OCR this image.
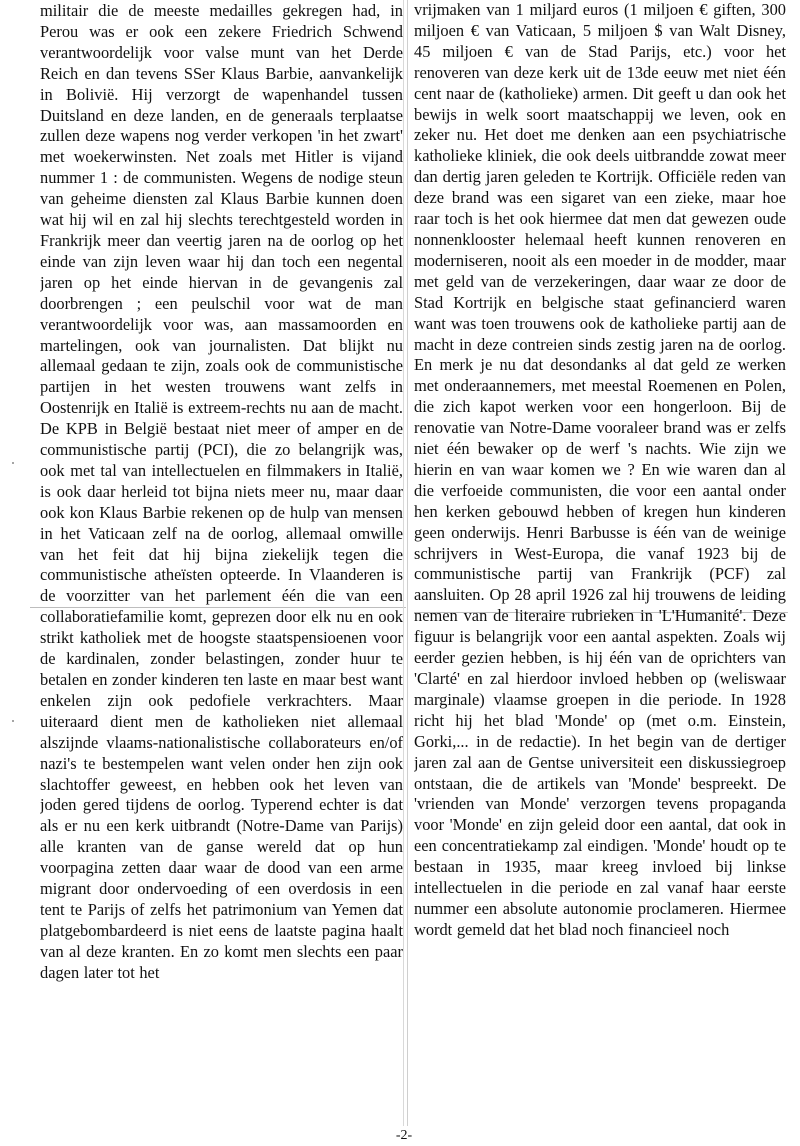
militair die de meeste medailles gekregen had, in Perou was er ook een zekere Friedrich Schwend verantwoordelijk voor valse munt van het Derde Reich en dan tevens SSer Klaus Barbie, aanvankelijk in Bolivië. Hij verzorgt de wapenhandel tussen Duitsland en deze landen, en de generaals terplaatse zullen deze wapens nog verder verkopen 'in het zwart' met woekerwinsten. Net zoals met Hitler is vijand nummer 1 : de communisten. Wegens de nodige steun van geheime diensten zal Klaus Barbie kunnen doen wat hij wil en zal hij slechts terechtgesteld worden in Frankrijk meer dan veertig jaren na de oorlog op het einde van zijn leven waar hij dan toch een negental jaren op het einde hiervan in de gevangenis zal doorbrengen ; een peulschil voor wat de man verantwoordelijk voor was, aan massamoorden en martelingen, ook van journalisten. Dat blijkt nu allemaal gedaan te zijn, zoals ook de communistische partijen in het westen trouwens want zelfs in Oostenrijk en Italië is extreem-rechts nu aan de macht. De KPB in België bestaat niet meer of amper en de communistische partij (PCI), die zo belangrijk was, ook met tal van intellectuelen en filmmakers in Italië, is ook daar herleid tot bijna niets meer nu, maar daar ook kon Klaus Barbie rekenen op de hulp van mensen in het Vaticaan zelf na de oorlog, allemaal omwille van het feit dat hij bijna ziekelijk tegen die communistische atheïsten opteerde. In Vlaanderen is de voorzitter van het parlement één die van een collaboratiefamilie komt, geprezen door elk nu en ook strikt katholiek met de hoogste staatspensioenen voor de kardinalen, zonder belastingen, zonder huur te betalen en zonder kinderen ten laste en maar best want enkelen zijn ook pedofiele verkrachters. Maar uiteraard dient men de katholieken niet allemaal alszijnde vlaams-nationalistische collaborateurs en/of nazi's te bestempelen want velen onder hen zijn ook slachtoffer geweest, en hebben ook het leven van joden gered tijdens de oorlog. Typerend echter is dat als er nu een kerk uitbrandt (Notre-Dame van Parijs) alle kranten van de ganse wereld dat op hun voorpagina zetten daar waar de dood van een arme migrant door ondervoeding of een overdosis in een tent te Parijs of zelfs het patrimonium van Yemen dat platgebombardeerd is niet eens de laatste pagina haalt van al deze kranten. En zo komt men slechts een paar dagen later tot het

vrijmaken van 1 miljard euros (1 miljoen € giften, 300 miljoen € van Vaticaan, 5 miljoen $ van Walt Disney, 45 miljoen € van de Stad Parijs, etc.) voor het renoveren van deze kerk uit de 13de eeuw met niet één cent naar de (katholieke) armen. Dit geeft u dan ook het bewijs in welk soort maatschappij we leven, ook en zeker nu. Het doet me denken aan een psychiatrische katholieke kliniek, die ook deels uitbrandde zowat meer dan dertig jaren geleden te Kortrijk. Officiële reden van deze brand was een sigaret van een zieke, maar hoe raar toch is het ook hiermee dat men dat gewezen oude nonnenklooster helemaal heeft kunnen renoveren en moderniseren, nooit als een moeder in de modder, maar met geld van de verzekeringen, daar waar ze door de Stad Kortrijk en belgische staat gefinancierd waren want was toen trouwens ook de katholieke partij aan de macht in deze contreien sinds zestig jaren na de oorlog. En merk je nu dat desondanks al dat geld ze werken met onderaannemers, met meestal Roemenen en Polen, die zich kapot werken voor een hongerloon. Bij de renovatie van Notre-Dame vooraleer brand was er zelfs niet één bewaker op de werf 's nachts. Wie zijn we hierin en van waar komen we ? En wie waren dan al die verfoeide communisten, die voor een aantal onder hen kerken gebouwd hebben of kregen hun kinderen geen onderwijs. Henri Barbusse is één van de weinige schrijvers in West-Europa, die vanaf 1923 bij de communistische partij van Frankrijk (PCF) zal aansluiten. Op 28 april 1926 zal hij trouwens de leiding nemen van de literaire rubrieken in 'L'Humanité'. Deze figuur is belangrijk voor een aantal aspekten. Zoals wij eerder gezien hebben, is hij één van de oprichters van 'Clarté' en zal hierdoor invloed hebben op (weliswaar marginale) vlaamse groepen in die periode. In 1928 richt hij het blad 'Monde' op (met o.m. Einstein, Gorki,... in de redactie). In het begin van de dertiger jaren zal aan de Gentse universiteit een diskussiegroep ontstaan, die de artikels van 'Monde' bespreekt. De 'vrienden van Monde' verzorgen tevens propaganda voor 'Monde' en zijn geleid door een aantal, dat ook in een concentratiekamp zal eindigen. 'Monde' houdt op te bestaan in 1935, maar kreeg invloed bij linkse intellectuelen in die periode en zal vanaf haar eerste nummer een absolute autonomie proclameren. Hiermee wordt gemeld dat het blad noch financieel noch

-2-
